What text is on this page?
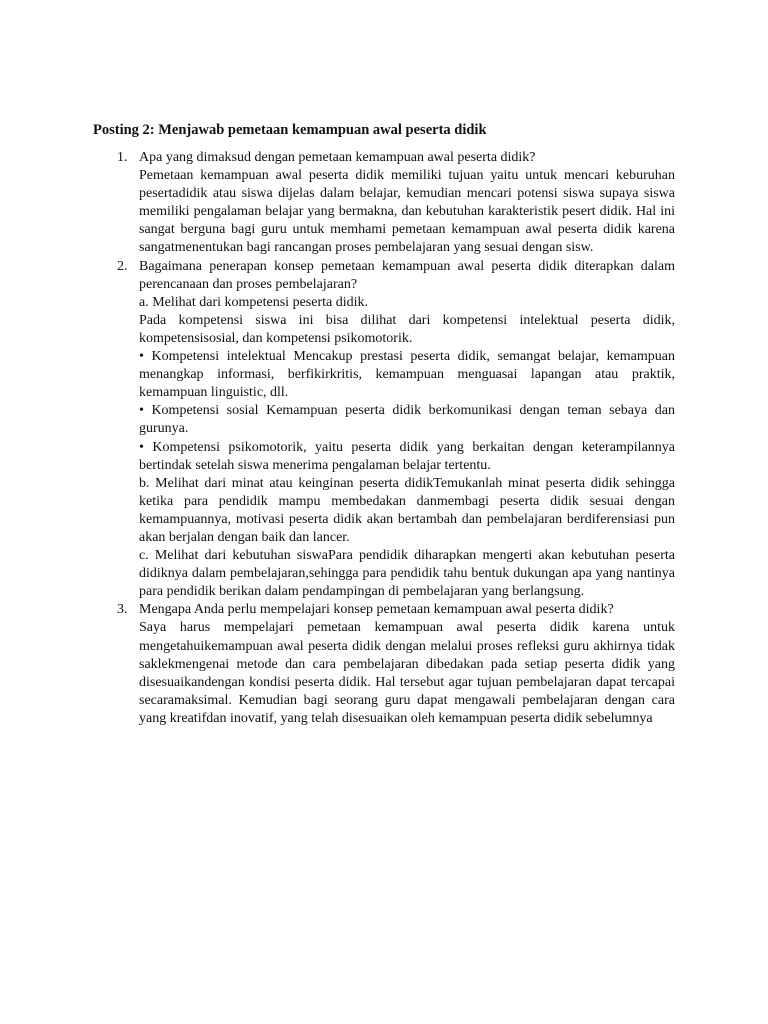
Posting 2: Menjawab pemetaan kemampuan awal peserta didik
1. Apa yang dimaksud dengan pemetaan kemampuan awal peserta didik?

Pemetaan kemampuan awal peserta didik memiliki tujuan yaitu untuk mencari keburuhan pesertadidik atau siswa dijelas dalam belajar, kemudian mencari potensi siswa supaya siswa memiliki pengalaman belajar yang bermakna, dan kebutuhan karakteristik pesert didik. Hal ini sangat berguna bagi guru untuk memhami pemetaan kemampuan awal peserta didik karena sangatmenentukan bagi rancangan proses pembelajaran yang sesuai dengan sisw.

2. Bagaimana penerapan konsep pemetaan kemampuan awal peserta didik diterapkan dalam perencanaan dan proses pembelajaran?

a. Melihat dari kompetensi peserta didik.

Pada kompetensi siswa ini bisa dilihat dari kompetensi intelektual peserta didik, kompetensisosial, dan kompetensi psikomotorik.

• Kompetensi intelektual Mencakup prestasi peserta didik, semangat belajar, kemampuan menangkap informasi, berfikirkritis, kemampuan menguasai lapangan atau praktik, kemampuan linguistic, dll.

• Kompetensi sosial Kemampuan peserta didik berkomunikasi dengan teman sebaya dan gurunya.

• Kompetensi psikomotorik, yaitu peserta didik yang berkaitan dengan keterampilannya bertindak setelah siswa menerima pengalaman belajar tertentu.

b. Melihat dari minat atau keinginan peserta didikTemukanlah minat peserta didik sehingga ketika para pendidik mampu membedakan danmembagi peserta didik sesuai dengan kemampuannya, motivasi peserta didik akan bertambah dan pembelajaran berdiferensiasi pun akan berjalan dengan baik dan lancer.

c. Melihat dari kebutuhan siswaPara pendidik diharapkan mengerti akan kebutuhan peserta didiknya dalam pembelajaran,sehingga para pendidik tahu bentuk dukungan apa yang nantinya para pendidik berikan dalam pendampingan di pembelajaran yang berlangsung.

3. Mengapa Anda perlu mempelajari konsep pemetaan kemampuan awal peserta didik?

Saya harus mempelajari pemetaan kemampuan awal peserta didik karena untuk mengetahuikemampuan awal peserta didik dengan melalui proses refleksi guru akhirnya tidak saklekmengenai metode dan cara pembelajaran dibedakan pada setiap peserta didik yang disesuaikandengan kondisi peserta didik. Hal tersebut agar tujuan pembelajaran dapat tercapai secaramaksimal. Kemudian bagi seorang guru dapat mengawali pembelajaran dengan cara yang kreatifdan inovatif, yang telah disesuaikan oleh kemampuan peserta didik sebelumnya
